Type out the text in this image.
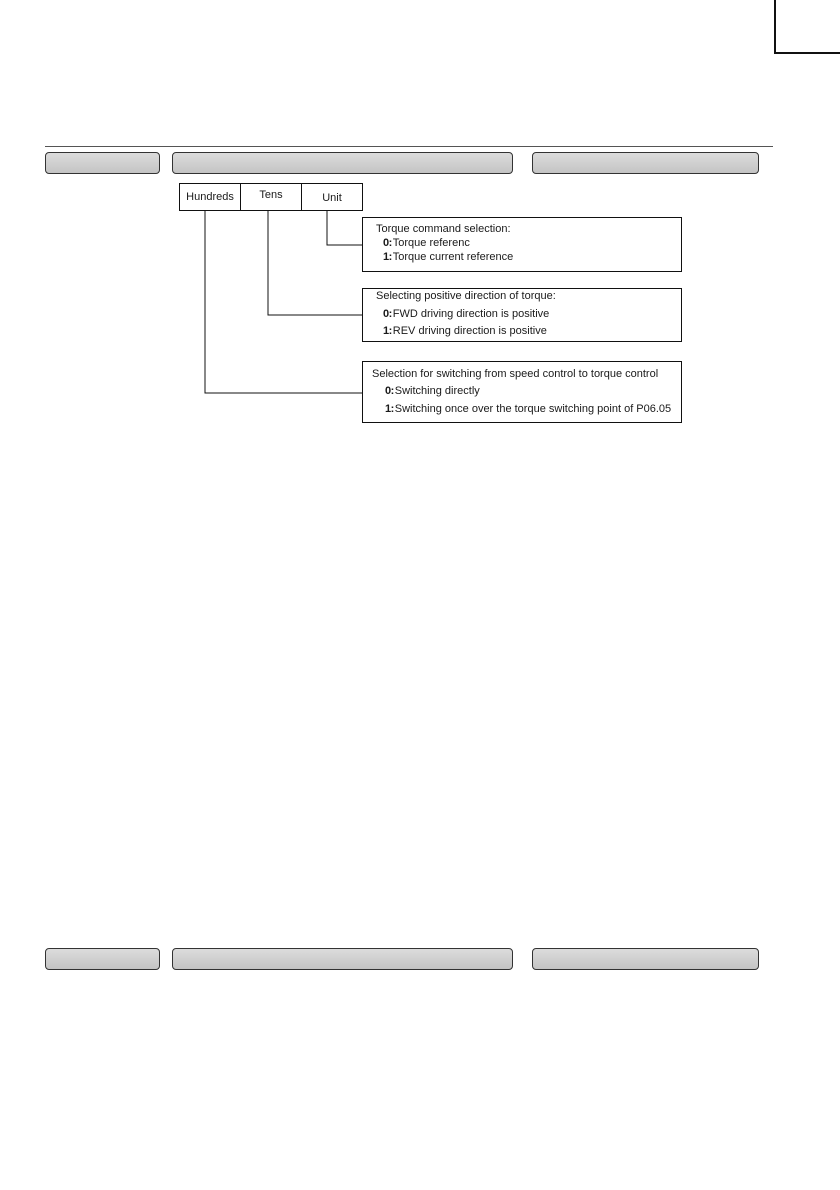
Hundreds	Tens	Unit
Torque command selection:
0:Torque referenc
1:Torque current reference
Selecting positive direction of torque:
0:FWD driving direction is positive
1:REV driving direction is positive
Selection for switching from speed control to torque control
0:Switching directly
1:Switching once over the torque switching point of P06.05
